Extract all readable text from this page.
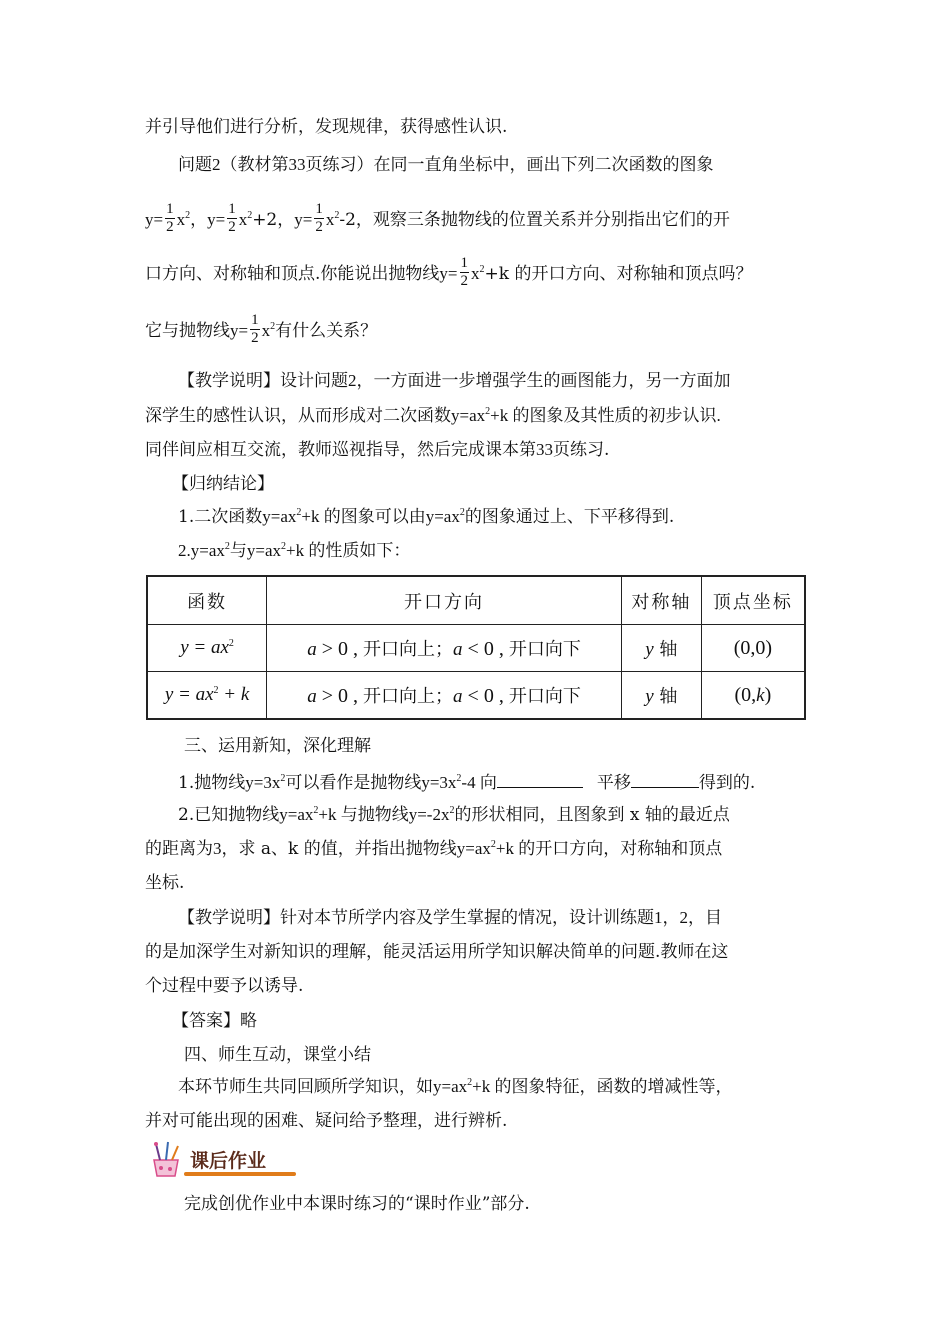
并引导他们进行分析，发现规律，获得感性认识.
问题2（教材第33页练习）在同一直角坐标中，画出下列二次函数的图象
$y= \frac{1}{2} x^2$，$y= \frac{1}{2} x^2+2$，$y= \frac{1}{2} x^2-2$，观察三条抛物线的位置关系并分别指出它们的开
口方向、对称轴和顶点.你能说出抛物线$y= \frac{1}{2} x^2+k$ 的开口方向、对称轴和顶点吗？
它与抛物线$y= \frac{1}{2} x^2$有什么关系？
【教学说明】设计问题2，一方面进一步增强学生的画图能力，另一方面加
深学生的感性认识，从而形成对二次函数$y=ax^2+k$ 的图象及其性质的初步认识.
同伴间应相互交流，教师巡视指导，然后完成课本第33页练习.
【归纳结论】
1.二次函数$y=ax^2+k$ 的图象可以由$y=ax^2$的图象通过上、下平移得到.
$2.y=ax^2$与$y=ax^2+k$ 的性质如下：
函数	开口方向	对称轴	顶点坐标
$y = ax^2$	a > 0 , 开口向上；a < 0 , 开口向下	y 轴	(0,0)
$y = ax^2 + k$	a > 0 , 开口向上；a < 0 , 开口向下	y 轴	(0,k)
三、运用新知，深化理解
1.抛物线$y=3x^2$可以看作是抛物线$y=3x^2-4$ 向	平移	得到的.
2.已知抛物线$y=ax^2+k$ 与抛物线$y=-2x^2$的形状相同，且图象到 x 轴的最近点
的距离为3，求 a、k 的值，并指出抛物线$y=ax^2+k$ 的开口方向，对称轴和顶点
坐标.
【教学说明】针对本节所学内容及学生掌握的情况，设计训练题1，2，目
的是加深学生对新知识的理解，能灵活运用所学知识解决简单的问题.教师在这
个过程中要予以诱导.
【答案】略
四、师生互动，课堂小结
本环节师生共同回顾所学知识，如$y=ax^2+k$ 的图象特征，函数的增减性等，
并对可能出现的困难、疑问给予整理，进行辨析.
课后作业
完成创优作业中本课时练习的“课时作业”部分.
